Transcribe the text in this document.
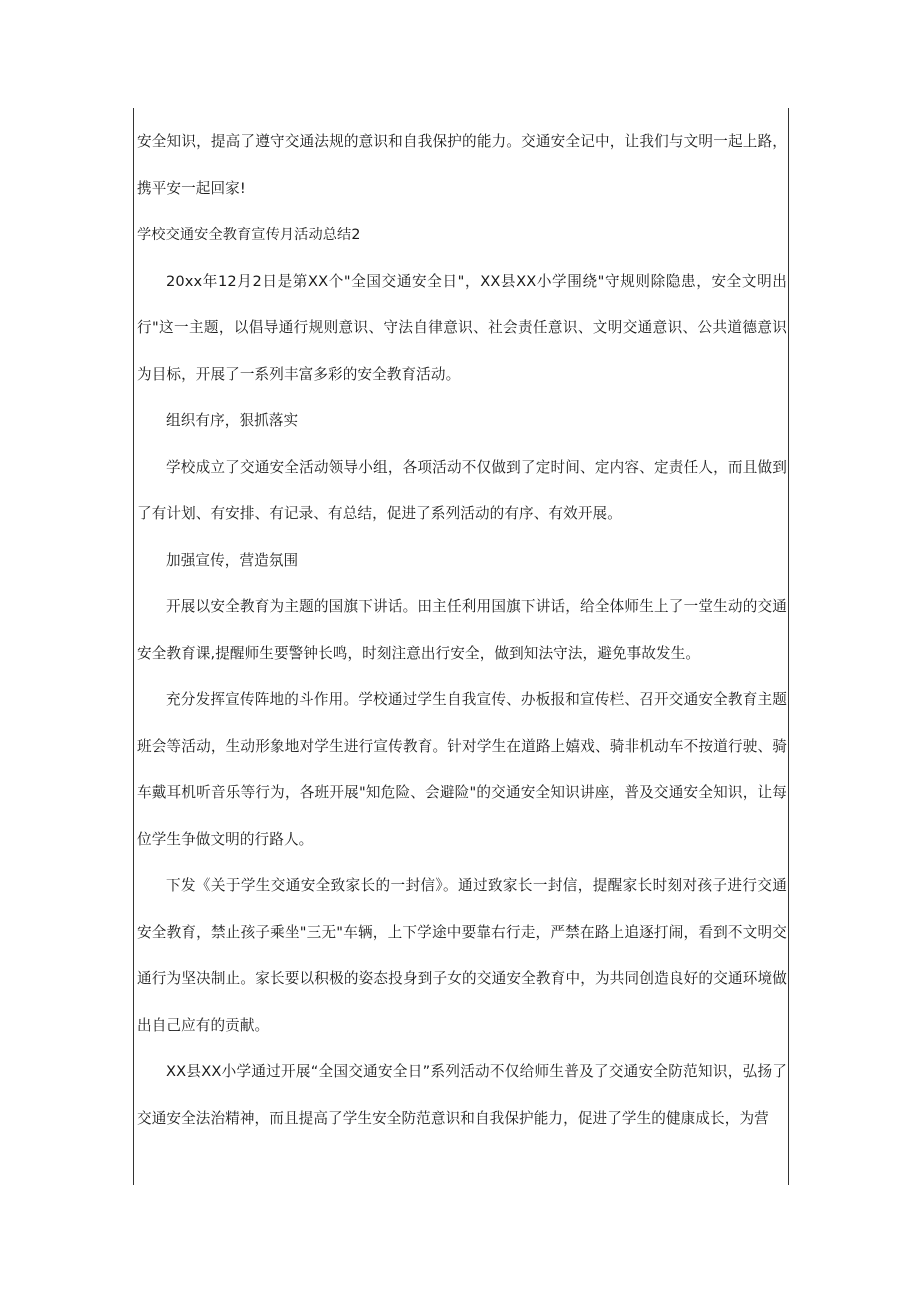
安全知识，提高了遵守交通法规的意识和自我保护的能力。交通安全记中，让我们与文明一起上路，携平安一起回家!

学校交通安全教育宣传月活动总结2

20xx年12月2日是第XX个"全国交通安全日"，XX县XX小学围绕"守规则除隐患，安全文明出行"这一主题，以倡导通行规则意识、守法自律意识、社会责任意识、文明交通意识、公共道德意识为目标，开展了一系列丰富多彩的安全教育活动。

组织有序，狠抓落实

学校成立了交通安全活动领导小组，各项活动不仅做到了定时间、定内容、定责任人，而且做到了有计划、有安排、有记录、有总结，促进了系列活动的有序、有效开展。

加强宣传，营造氛围

开展以安全教育为主题的国旗下讲话。田主任利用国旗下讲话，给全体师生上了一堂生动的交通安全教育课,提醒师生要警钟长鸣，时刻注意出行安全，做到知法守法，避免事故发生。

充分发挥宣传阵地的斗作用。学校通过学生自我宣传、办板报和宣传栏、召开交通安全教育主题班会等活动，生动形象地对学生进行宣传教育。针对学生在道路上嬉戏、骑非机动车不按道行驶、骑车戴耳机听音乐等行为，各班开展"知危险、会避险"的交通安全知识讲座，普及交通安全知识，让每位学生争做文明的行路人。

下发《关于学生交通安全致家长的一封信》。通过致家长一封信，提醒家长时刻对孩子进行交通安全教育，禁止孩子乘坐"三无"车辆，上下学途中要靠右行走，严禁在路上追逐打闹，看到不文明交通行为坚决制止。家长要以积极的姿态投身到子女的交通安全教育中，为共同创造良好的交通环境做出自己应有的贡献。

XX县XX小学通过开展“全国交通安全日”系列活动不仅给师生普及了交通安全防范知识，弘扬了交通安全法治精神，而且提高了学生安全防范意识和自我保护能力，促进了学生的健康成长，为营
